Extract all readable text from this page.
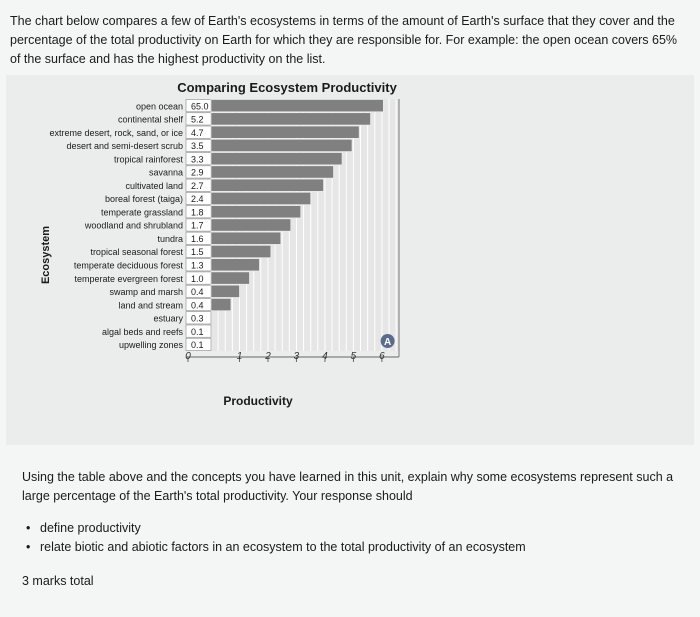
The chart below compares a few of Earth's ecosystems in terms of the amount of Earth's surface that they cover and the percentage of the total productivity on Earth for which they are responsible for. For example: the open ocean covers 65% of the surface and has the highest productivity on the list.

Comparing Ecosystem Productivity
Ecosystem
Productivity
open ocean 65.0
continental shelf 5.2
extreme desert, rock, sand, or ice 4.7
desert and semi-desert scrub 3.5
tropical rainforest 3.3
savanna 2.9
cultivated land 2.7
boreal forest (taiga) 2.4
temperate grassland 1.8
woodland and shrubland 1.7
tundra 1.6
tropical seasonal forest 1.5
temperate deciduous forest 1.3
temperate evergreen forest 1.0
swamp and marsh 0.4
land and stream 0.4
estuary 0.3
algal beds and reefs 0.1
upwelling zones 0.1
0	1 2 3 4 5 6
A

Using the table above and the concepts you have learned in this unit, explain why some ecosystems represent such a large percentage of the Earth's total productivity. Your response should

• define productivity
• relate biotic and abiotic factors in an ecosystem to the total productivity of an ecosystem

3 marks total
